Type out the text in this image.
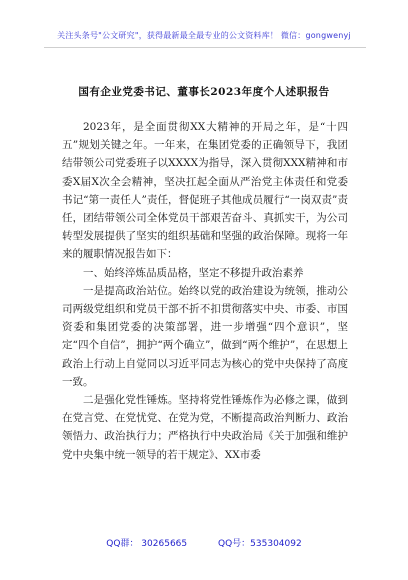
关注头条号"公文研究"，获得最新最全最专业的公文资料库！ 微信：gongwenyj
国有企业党委书记、董事长2023年度个人述职报告

2023年，是全面贯彻XX大精神的开局之年，是“十四五”规划关键之年。一年来，在集团党委的正确领导下，我团结带领公司党委班子以XXXX为指导，深入贯彻XXX精神和市委X届X次全会精神，坚决扛起全面从严治党主体责任和党委书记“第一责任人”责任，督促班子其他成员履行“一岗双责”责任，团结带领公司全体党员干部艰苦奋斗、真抓实干，为公司转型发展提供了坚实的组织基础和坚强的政治保障。现将一年来的履职情况报告如下：

一、始终淬炼品质品格，坚定不移提升政治素养

一是提高政治站位。始终以党的政治建设为统领，推动公司两级党组织和党员干部不折不扣贯彻落实中央、市委、市国资委和集团党委的决策部署，进一步增强“四个意识”，坚定“四个自信”，拥护“两个确立”，做到“两个维护”，在思想上政治上行动上自觉同以习近平同志为核心的党中央保持了高度一致。

二是强化党性锤炼。坚持将党性锤炼作为必修之课，做到在党言党、在党忧党、在党为党，不断提高政治判断力、政治领悟力、政治执行力；严格执行中央政治局《关于加强和维护党中央集中统一领导的若干规定》、XX市委

QQ群： 30265665	QQ号：535304092
